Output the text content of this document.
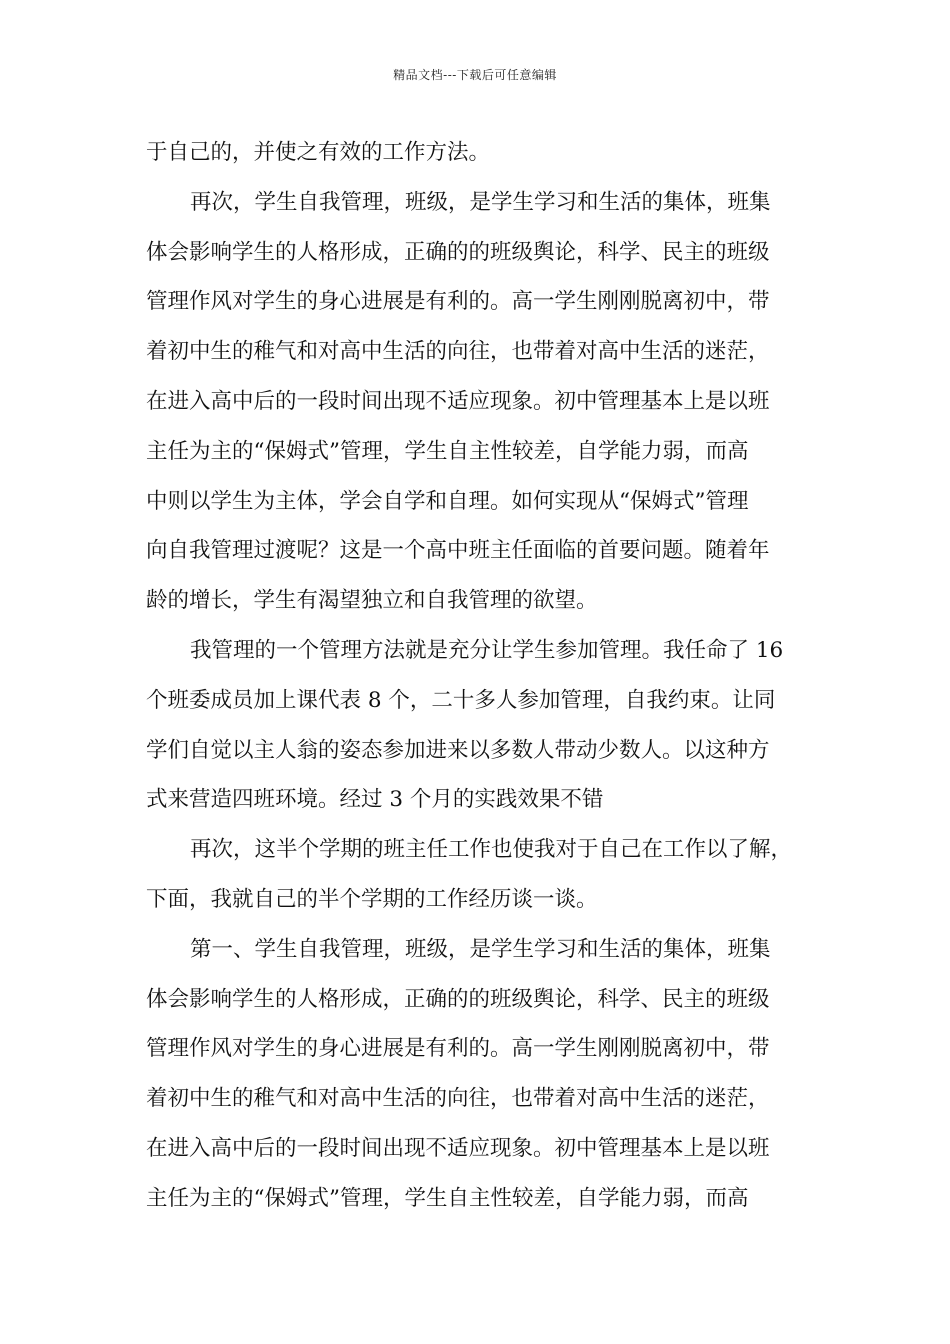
精品文档---下载后可任意编辑
于自己的，并使之有效的工作方法。
再次，学生自我管理，班级，是学生学习和生活的集体，班集
体会影响学生的人格形成，正确的的班级舆论，科学、民主的班级
管理作风对学生的身心进展是有利的。高一学生刚刚脱离初中，带
着初中生的稚气和对高中生活的向往，也带着对高中生活的迷茫，
在进入高中后的一段时间出现不适应现象。初中管理基本上是以班
主任为主的“保姆式”管理，学生自主性较差，自学能力弱，而高
中则以学生为主体，学会自学和自理。如何实现从“保姆式”管理
向自我管理过渡呢？这是一个高中班主任面临的首要问题。随着年
龄的增长，学生有渴望独立和自我管理的欲望。
我管理的一个管理方法就是充分让学生参加管理。我任命了 16
个班委成员加上课代表 8 个，二十多人参加管理，自我约束。让同
学们自觉以主人翁的姿态参加进来以多数人带动少数人。以这种方
式来营造四班环境。经过 3 个月的实践效果不错
再次，这半个学期的班主任工作也使我对于自己在工作以了解，
下面，我就自己的半个学期的工作经历谈一谈。
第一、学生自我管理，班级，是学生学习和生活的集体，班集
体会影响学生的人格形成，正确的的班级舆论，科学、民主的班级
管理作风对学生的身心进展是有利的。高一学生刚刚脱离初中，带
着初中生的稚气和对高中生活的向往，也带着对高中生活的迷茫，
在进入高中后的一段时间出现不适应现象。初中管理基本上是以班
主任为主的“保姆式”管理，学生自主性较差，自学能力弱，而高
